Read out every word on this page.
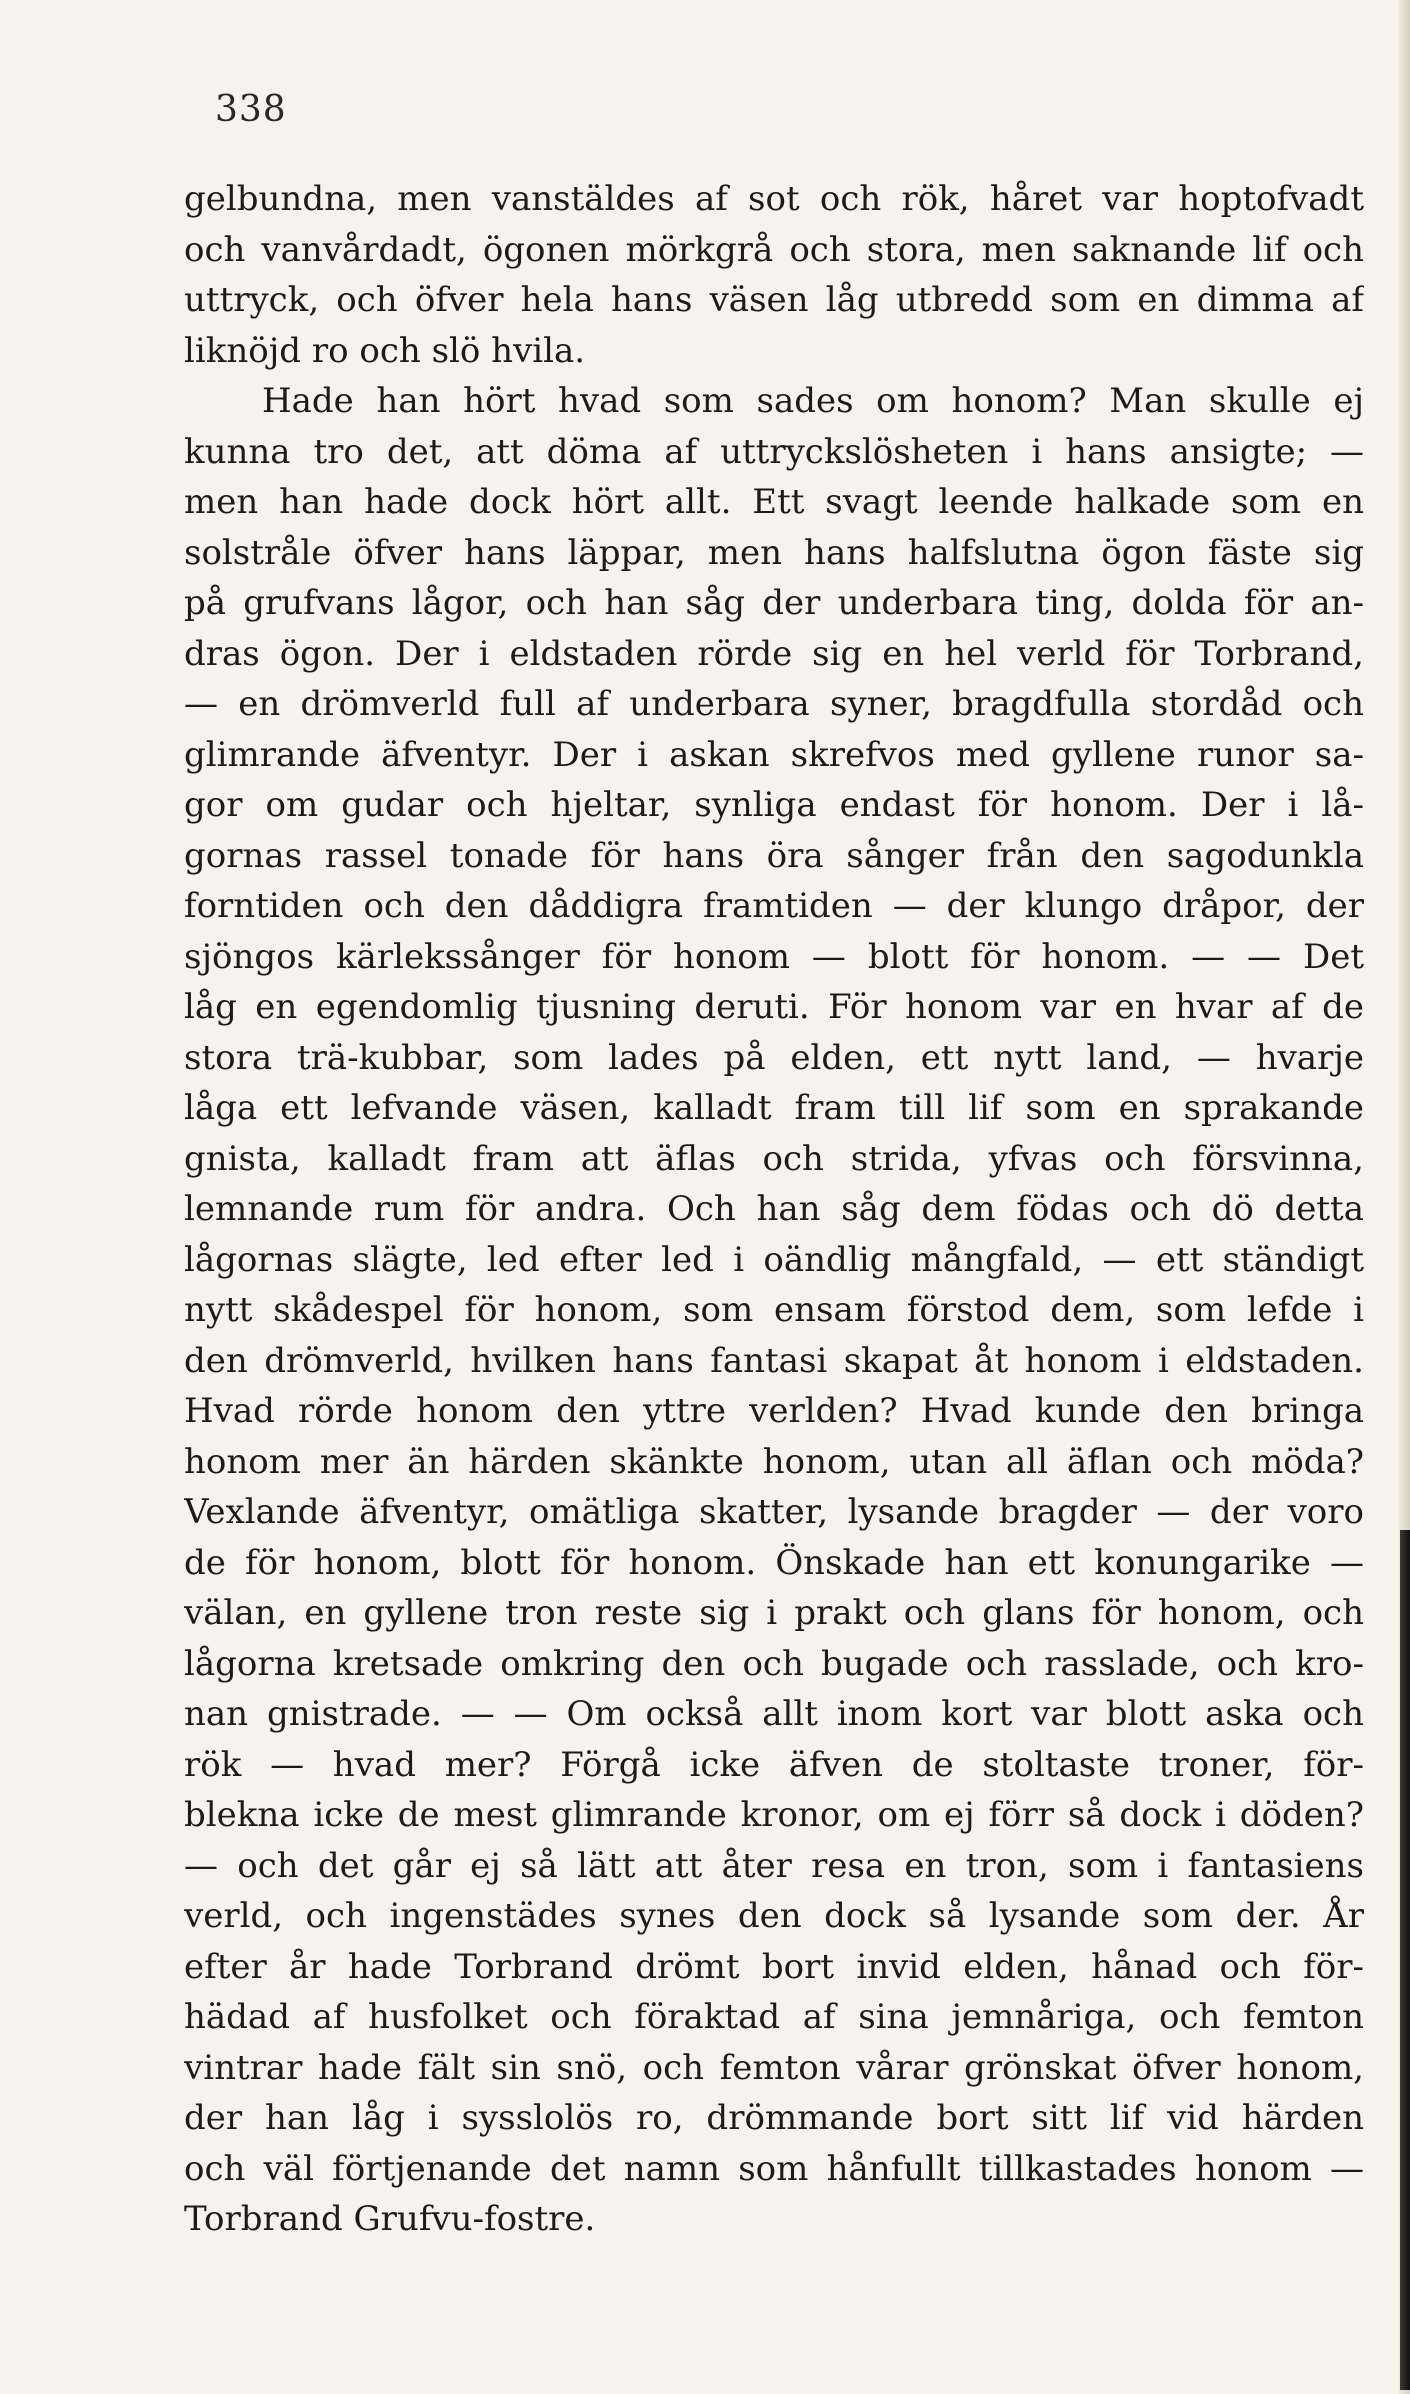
338
gelbundna, men vanstäldes af sot och rök, håret var hoptofvadt
och vanvårdadt, ögonen mörkgrå och stora, men saknande lif och
uttryck, och öfver hela hans väsen låg utbredd som en dimma af
liknöjd ro och slö hvila.
Hade han hört hvad som sades om honom? Man skulle ej
kunna tro det, att döma af uttryckslösheten i hans ansigte; —
men han hade dock hört allt. Ett svagt leende halkade som en
solstråle öfver hans läppar, men hans halfslutna ögon fäste sig
på grufvans lågor, och han såg der underbara ting, dolda för an-
dras ögon. Der i eldstaden rörde sig en hel verld för Torbrand,
— en drömverld full af underbara syner, bragdfulla stordåd och
glimrande äfventyr. Der i askan skrefvos med gyllene runor sa-
gor om gudar och hjeltar, synliga endast för honom. Der i lå-
gornas rassel tonade för hans öra sånger från den sagodunkla
forntiden och den dåddigra framtiden — der klungo dråpor, der
sjöngos kärlekssånger för honom — blott för honom. — — Det
låg en egendomlig tjusning deruti. För honom var en hvar af de
stora trä-kubbar, som lades på elden, ett nytt land, — hvarje
låga ett lefvande väsen, kalladt fram till lif som en sprakande
gnista, kalladt fram att äflas och strida, yfvas och försvinna,
lemnande rum för andra. Och han såg dem födas och dö detta
lågornas slägte, led efter led i oändlig mångfald, — ett ständigt
nytt skådespel för honom, som ensam förstod dem, som lefde i
den drömverld, hvilken hans fantasi skapat åt honom i eldstaden.
Hvad rörde honom den yttre verlden? Hvad kunde den bringa
honom mer än härden skänkte honom, utan all äflan och möda?
Vexlande äfventyr, omätliga skatter, lysande bragder — der voro
de för honom, blott för honom. Önskade han ett konungarike —
välan, en gyllene tron reste sig i prakt och glans för honom, och
lågorna kretsade omkring den och bugade och rasslade, och kro-
nan gnistrade. — — Om också allt inom kort var blott aska och
rök — hvad mer? Förgå icke äfven de stoltaste troner, för-
blekna icke de mest glimrande kronor, om ej förr så dock i döden?
— och det går ej så lätt att åter resa en tron, som i fantasiens
verld, och ingenstädes synes den dock så lysande som der. År
efter år hade Torbrand drömt bort invid elden, hånad och för-
hädad af husfolket och föraktad af sina jemnåriga, och femton
vintrar hade fält sin snö, och femton vårar grönskat öfver honom,
der han låg i sysslolös ro, drömmande bort sitt lif vid härden
och väl förtjenande det namn som hånfullt tillkastades honom —
Torbrand Grufvu-fostre.
